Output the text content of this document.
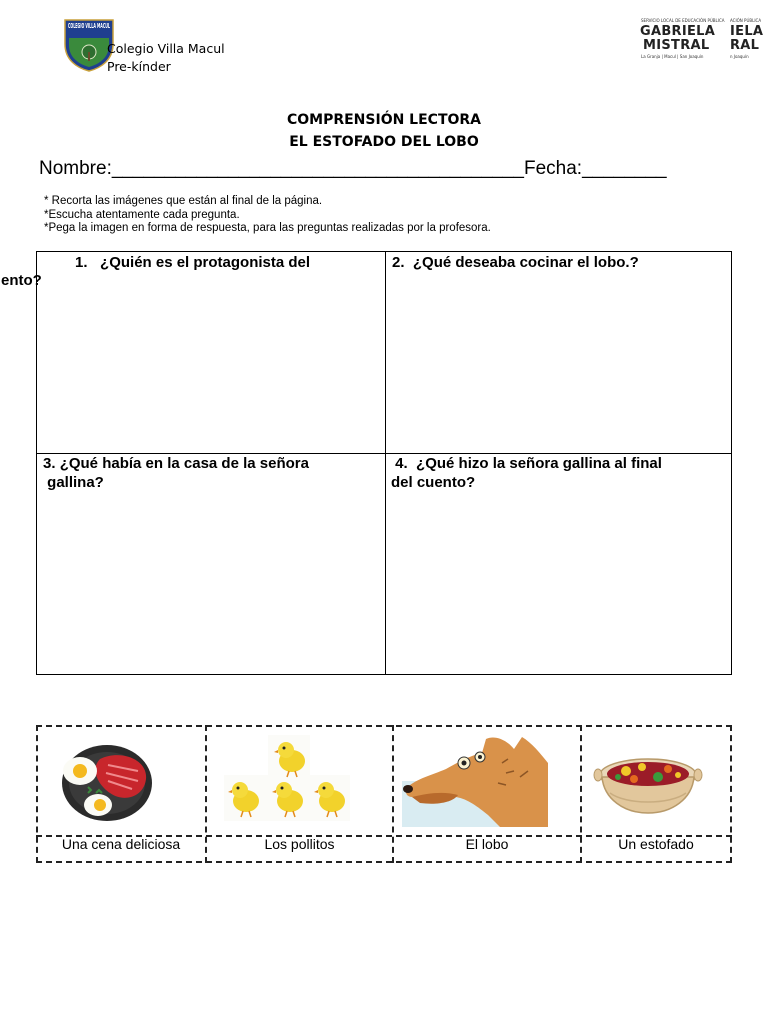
COLEGIO VILLA MACUL
Colegio Villa Macul
Pre-kínder
SERVICIO LOCAL DE EDUCACIÓN PÚBLICA ACIÓN PÚBLICA
GABRIELA IELA
MISTRAL RAL
La Granja | Macul | San Joaquín	n Joaquín
COMPRENSIÓN LECTORA
EL ESTOFADO DEL LOBO
Nombre:_______________________________________Fecha:________
* Recorta las imágenes que están al final de la página.
*Escucha atentamente cada pregunta.
*Pega la imagen en forma de respuesta, para las preguntas realizadas por la profesora.
1. ¿Quién es el protagonista del
ento?
2. ¿Qué deseaba cocinar el lobo.?
3. ¿Qué había en la casa de la señora
gallina?
4. ¿Qué hizo la señora gallina al final
del cuento?
Una cena deliciosa	Los pollitos	El lobo	Un estofado
